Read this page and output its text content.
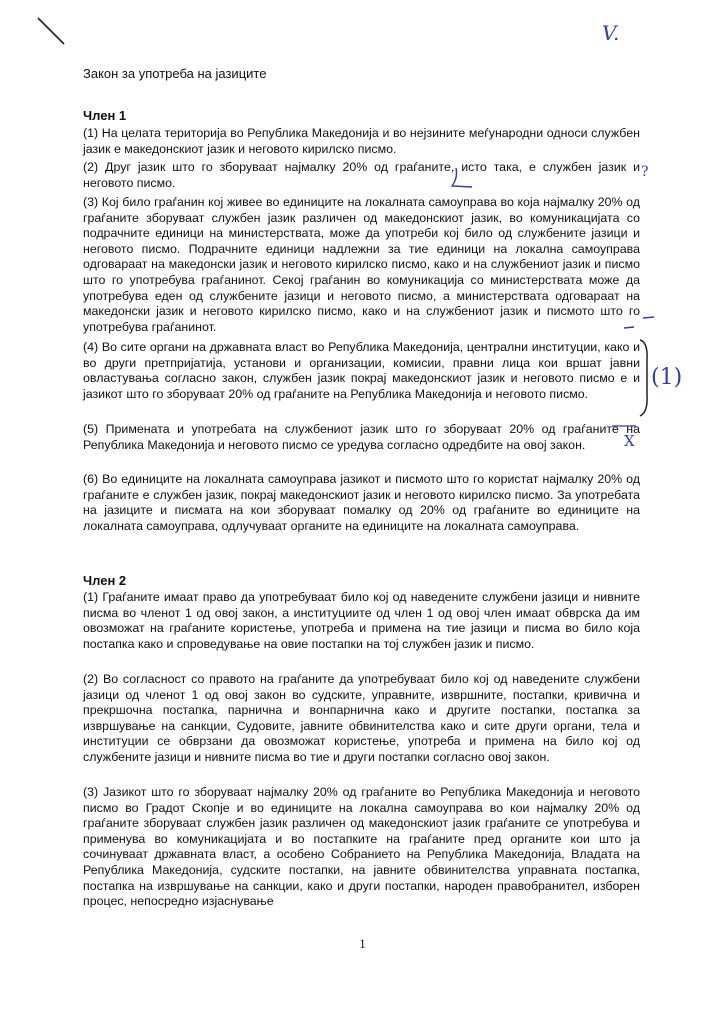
Закон за употреба на јазиците
Член 1

(1) На целата територија во Република Македонија и во нејзините меѓународни односи службен јазик е македонскиот јазик и неговото кирилско писмо.

(2) Друг јазик што го зборуваат најмалку 20% од граѓаните, исто така, е службен јазик и неговото писмо.

(3) Кој било граѓанин кој живее во единиците на локалната самоуправа во која најмалку 20% од граѓаните зборуваат службен јазик различен од македонскиот јазик, во комуникацијата со подрачните единици на министерствата, може да употреби кој било од службените јазици и неговото писмо. Подрачните единици надлежни за тие единици на локална самоуправа одговараат на македонски јазик и неговото кирилско писмо, како и на службениот јазик и писмо што го употребува граѓанинот. Секој граѓанин во комуникација со министерствата може да употребува еден од службените јазици и неговото писмо, а министерствата одговараат на македонски јазик и неговото кирилско писмо, како и на службениот јазик и писмото што го употребува граѓанинот.

(4) Во сите органи на државната власт во Република Македонија, централни институции, како и во други претпријатија, установи и организации, комисии, правни лица кои вршат јавни овластувања согласно закон, службен јазик покрај македонскиот јазик и неговото писмо е и јазикот што го зборуваат 20% од граѓаните на Република Македонија и неговото писмо.

(5) Примената и употребата на службениот јазик што го зборуваат 20% од граѓаните на Република Македонија и неговото писмо се уредува согласно одредбите на овој закон.

(6) Во единиците на локалната самоуправа јазикот и писмото што го користат најмалку 20% од граѓаните е службен јазик, покрај македонскиот јазик и неговото кирилско писмо. За употребата на јазиците и писмата на кои зборуваат помалку од 20% од граѓаните во единиците на локалната самоуправа, одлучуваат органите на единиците на локалната самоуправа.

Член 2

(1) Граѓаните имаат право да употребуваат било кој од наведените службени јазици и нивните писма во членот 1 од овој закон, а институциите од член 1 од овој член имаат обврска да им овозможат на граѓаните користење, употреба и примена на тие јазици и писма во било која постапка како и спроведување на овие постапки на тој службен јазик и писмо.

(2) Во согласност со правото на граѓаните да употребуваат било кој од наведените службени јазици од членот 1 од овој закон во судските, управните, извршните, постапки, кривична и прекршочна постапка, парнична и вонпарнична како и другите постапки, постапка за извршување на санкции, Судовите, јавните обвинителства како и сите други органи, тела и институции се обврзани да овозможат користење, употреба и примена на било кој од службените јазици и нивните писма во тие и други постапки согласно овој закон.

(3) Јазикот што го зборуваат најмалку 20% од граѓаните во Република Македонија и неговото писмо во Градот Скопје и во единиците на локална самоуправа во кои најмалку 20% од граѓаните зборуваат службен јазик различен од македонскиот јазик граѓаните се употребува и применува во комуникацијата и во постапките на граѓаните пред органите кои што ја сочинуваат државната власт, а особено Собранието на Република Македонија, Владата на Република Македонија, судските постапки, на јавните обвинителства управната постапка, постапка на извршување на санкции, како и други постапки, народен правобранител, изборен процес, непосредно изјаснување

1
V.
?
(1)
X
